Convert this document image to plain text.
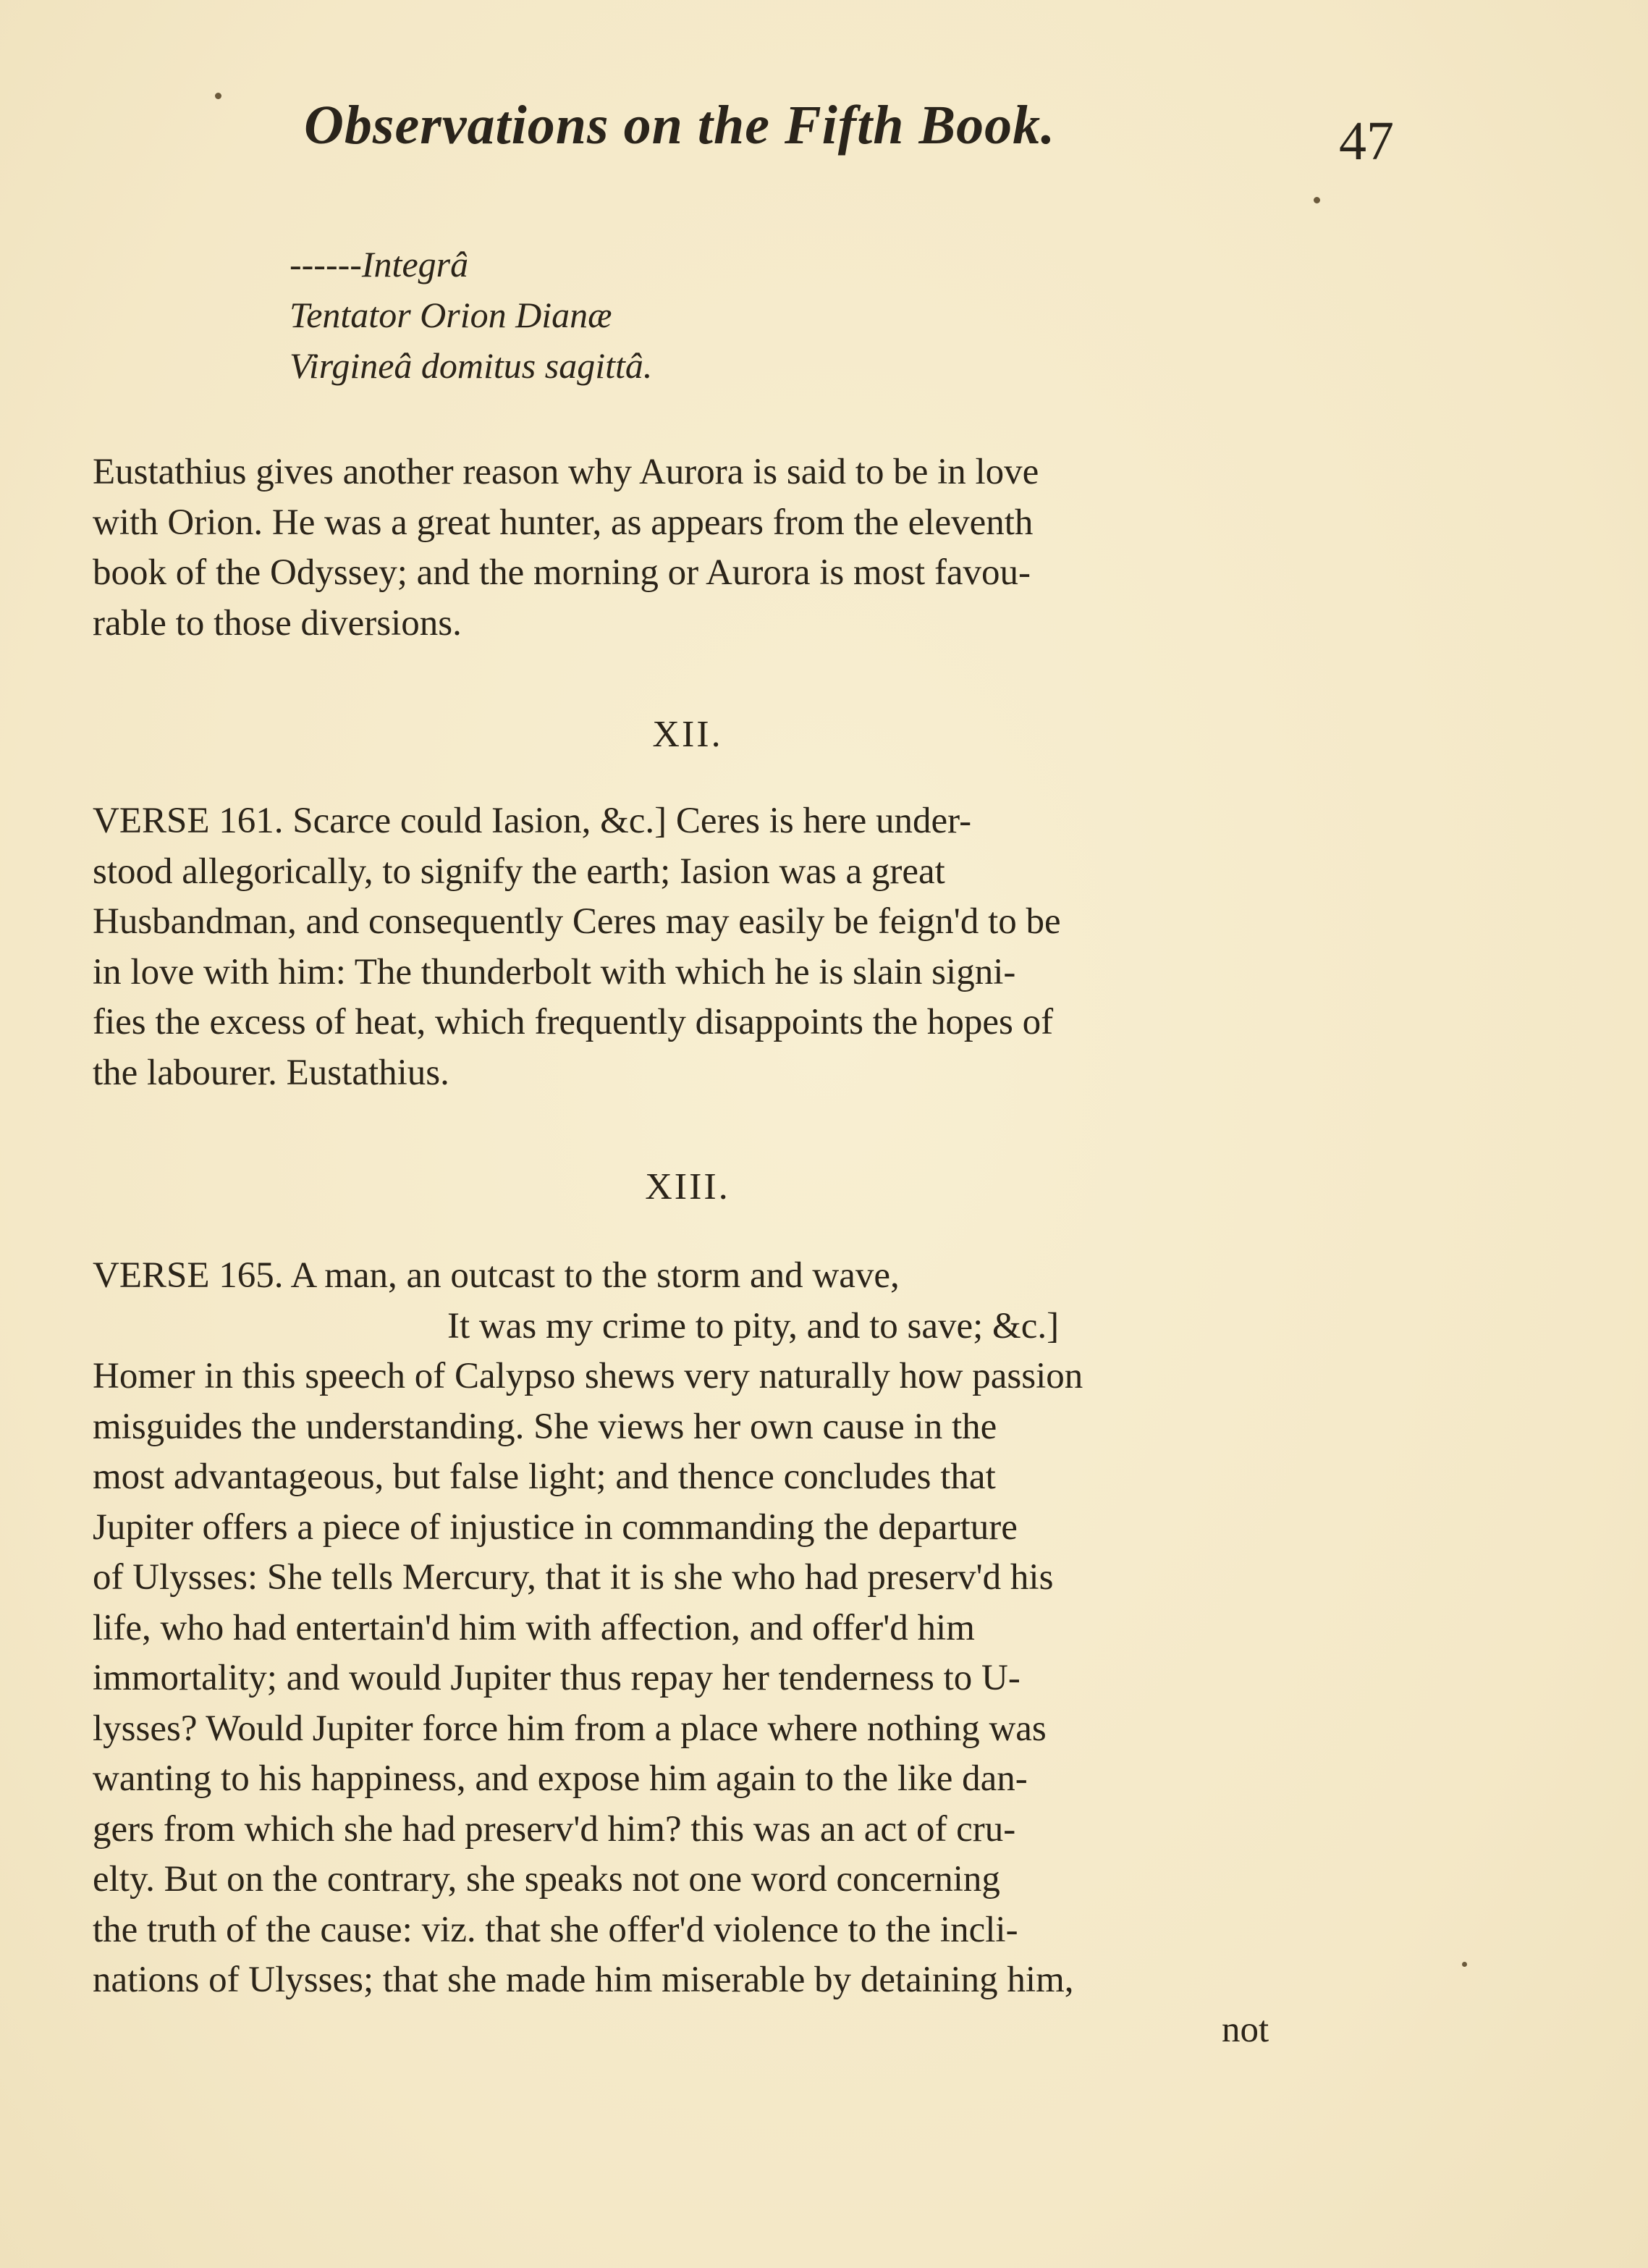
Observations on the Fifth Book.	47
------Integrâ
Tentator Orion Dianæ
Virgineâ domitus sagittâ.
Eustathius gives another reason why Aurora is said to be in love
with Orion. He was a great hunter, as appears from the eleventh
book of the Odyssey; and the morning or Aurora is most favou-
rable to those diversions.
XII.
VERSE 161. Scarce could Iasion, &c.] Ceres is here under-
stood allegorically, to signify the earth; Iasion was a great
Husbandman, and consequently Ceres may easily be feign'd to be
in love with him: The thunderbolt with which he is slain signi-
fies the excess of heat, which frequently disappoints the hopes of
the labourer. Eustathius.
XIII.
VERSE 165. A man, an outcast to the storm and wave,
It was my crime to pity, and to save; &c.]
Homer in this speech of Calypso shews very naturally how passion
misguides the understanding. She views her own cause in the
most advantageous, but false light; and thence concludes that
Jupiter offers a piece of injustice in commanding the departure
of Ulysses: She tells Mercury, that it is she who had preserv'd his
life, who had entertain'd him with affection, and offer'd him
immortality; and would Jupiter thus repay her tenderness to U-
lysses? Would Jupiter force him from a place where nothing was
wanting to his happiness, and expose him again to the like dan-
gers from which she had preserv'd him? this was an act of cru-
elty. But on the contrary, she speaks not one word concerning
the truth of the cause: viz. that she offer'd violence to the incli-
nations of Ulysses; that she made him miserable by detaining him,
not
